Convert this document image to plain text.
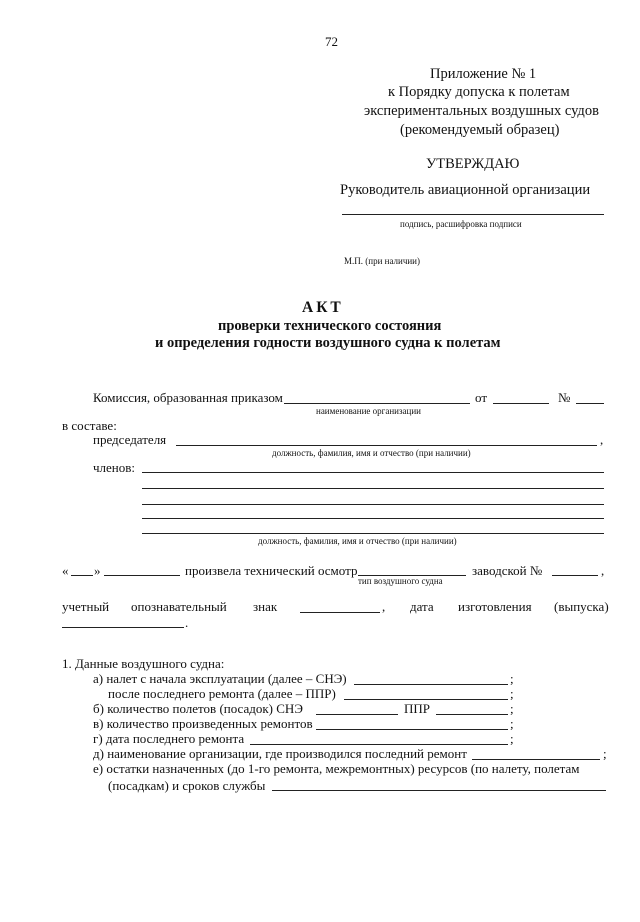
72
Приложение № 1
к Порядку допуска к полетам
экспериментальных воздушных судов
(рекомендуемый образец)
УТВЕРЖДАЮ
Руководитель авиационной организации
подпись, расшифровка подписи
М.П. (при наличии)
АКТ
проверки технического состояния
и определения годности воздушного судна к полетам
Комиссия, образованная приказом	от	№
наименование организации
в составе:
председателя	,
должность, фамилия, имя и отчество (при наличии)
членов:
должность, фамилия, имя и отчество (при наличии)
« »	произвела технический осмотр	заводской №	,
тип воздушного судна
учетный опознавательный знак	, дата изготовления (выпуска)
.
1. Данные воздушного судна:
а) налет с начала эксплуатации (далее – СНЭ)	;
после последнего ремонта (далее – ППР)	;
б) количество полетов (посадок) СНЭ	ППР	;
в) количество произведенных ремонтов	;
г) дата последнего ремонта	;
д) наименование организации, где производился последний ремонт	;
е) остатки назначенных (до 1-го ремонта, межремонтных) ресурсов (по налету, полетам
(посадкам) и сроков службы
